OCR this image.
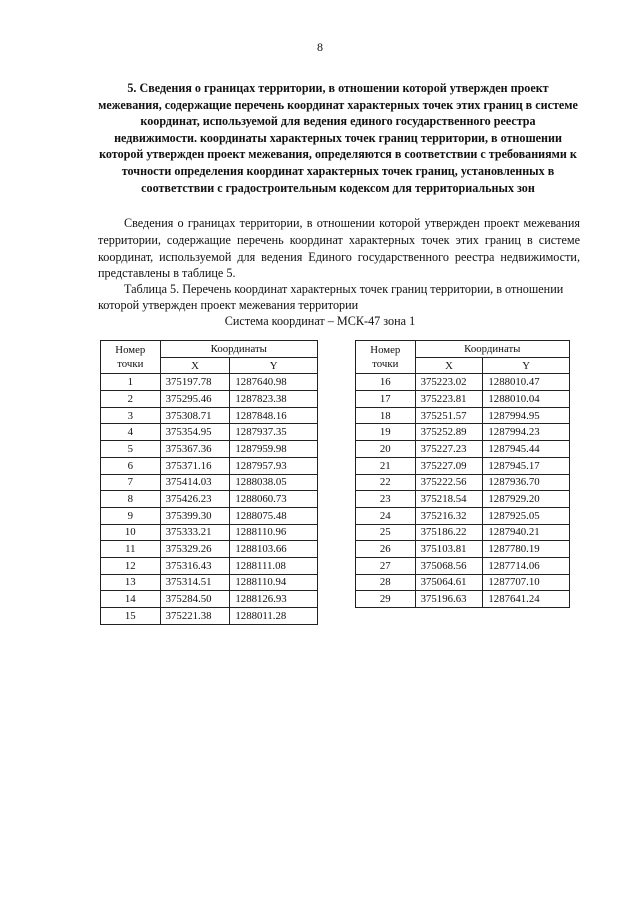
8
5. Сведения о границах территории, в отношении которой утвержден проект межевания, содержащие перечень координат характерных точек этих границ в системе координат, используемой для ведения единого государственного реестра недвижимости. координаты характерных точек границ территории, в отношении которой утвержден проект межевания, определяются в соответствии с требованиями к точности определения координат характерных точек границ, установленных в соответствии с градостроительным кодексом для территориальных зон
Сведения о границах территории, в отношении которой утвержден проект межевания территории, содержащие перечень координат характерных точек этих границ в системе координат, используемой для ведения Единого государственного реестра недвижимости, представлены в таблице 5.
Таблица 5. Перечень координат характерных точек границ территории, в отношении которой утвержден проект межевания территории
Система координат – МСК-47 зона 1
Номер
точки	Координаты	
	X	Y
1	375197.78	1287640.98
2	375295.46	1287823.38
3	375308.71	1287848.16
4	375354.95	1287937.35
5	375367.36	1287959.98
6	375371.16	1287957.93
7	375414.03	1288038.05
8	375426.23	1288060.73
9	375399.30	1288075.48
10	375333.21	1288110.96
11	375329.26	1288103.66
12	375316.43	1288111.08
13	375314.51	1288110.94
14	375284.50	1288126.93
15	375221.38	1288011.28
Номер
точки	Координаты	
	X	Y
16	375223.02	1288010.47
17	375223.81	1288010.04
18	375251.57	1287994.95
19	375252.89	1287994.23
20	375227.23	1287945.44
21	375227.09	1287945.17
22	375222.56	1287936.70
23	375218.54	1287929.20
24	375216.32	1287925.05
25	375186.22	1287940.21
26	375103.81	1287780.19
27	375068.56	1287714.06
28	375064.61	1287707.10
29	375196.63	1287641.24
